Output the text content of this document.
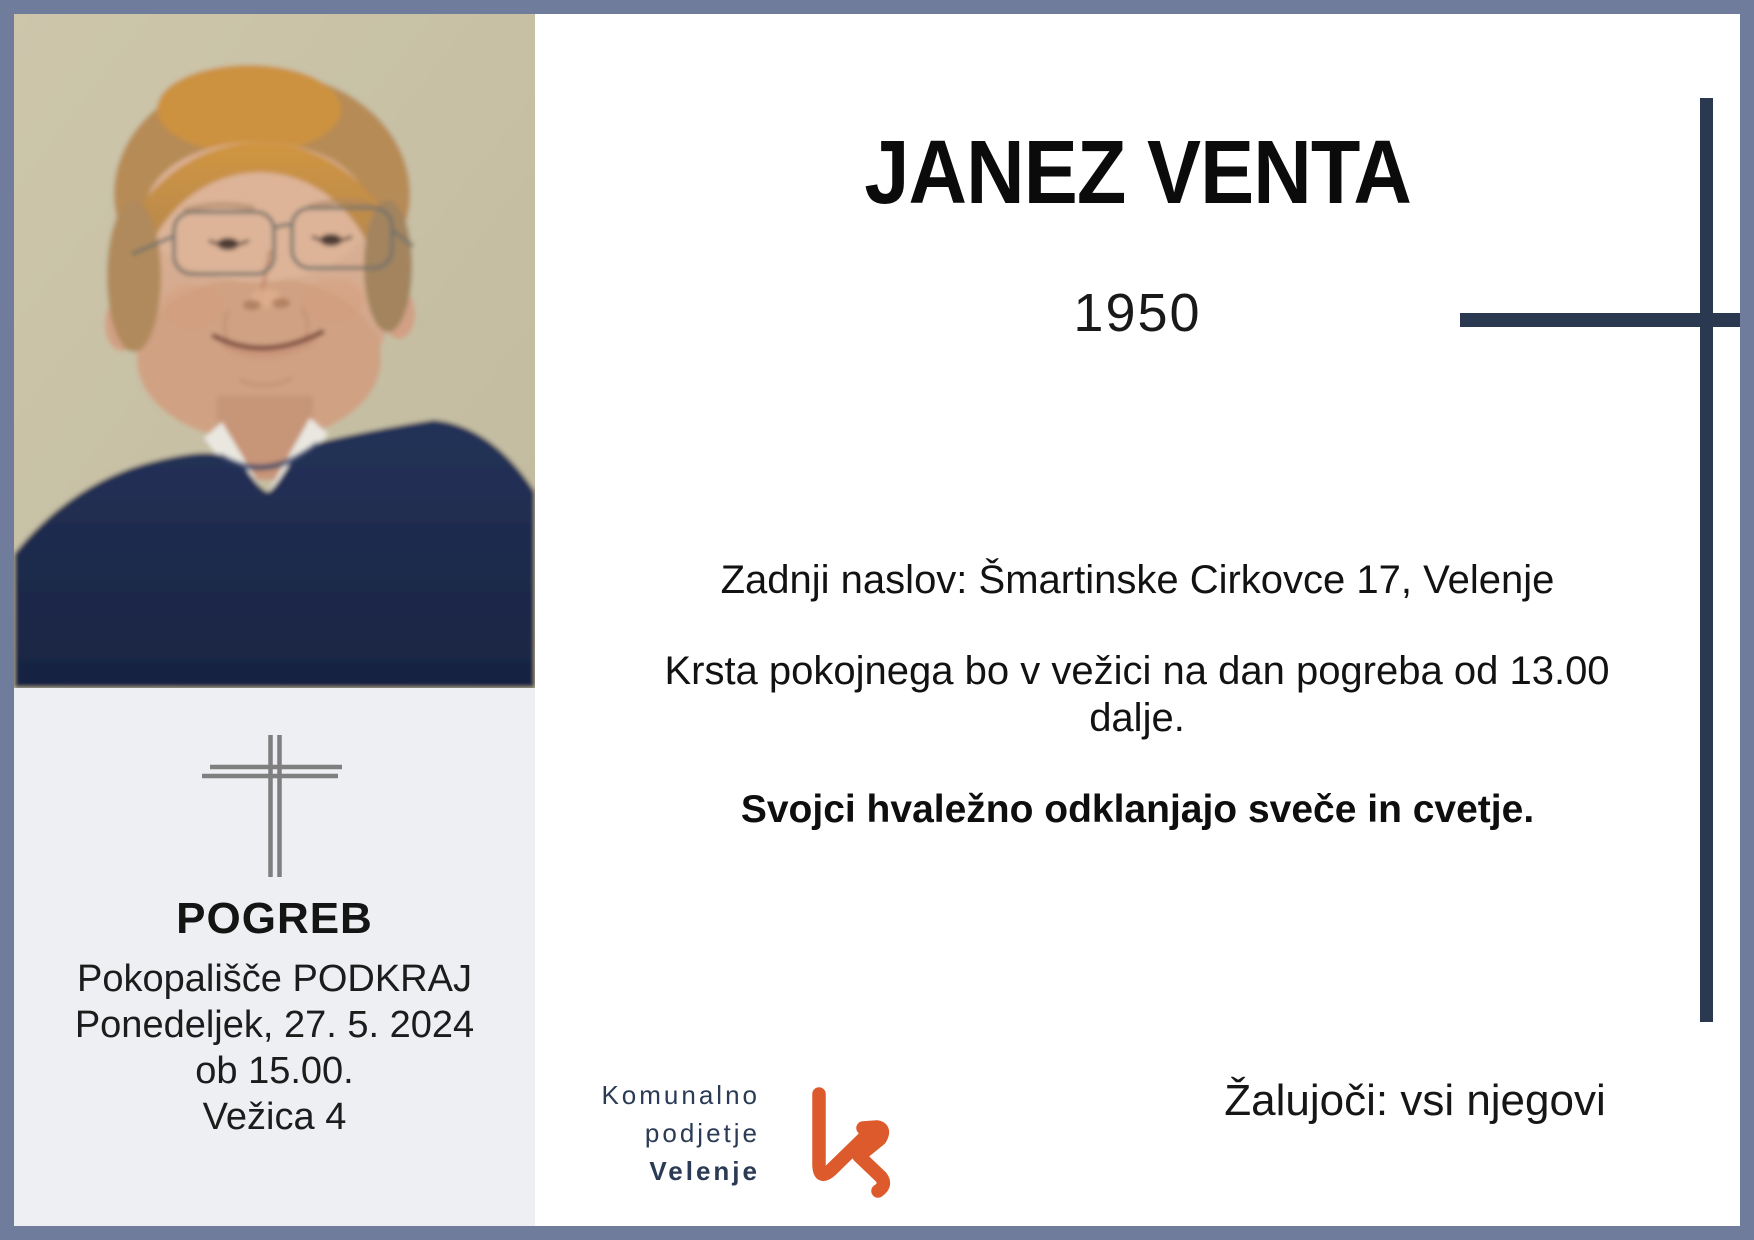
POGREB
Pokopališče PODKRAJ
Ponedeljek, 27. 5. 2024
ob 15.00.
Vežica 4
JANEZ VENTA
1950
Zadnji naslov: Šmartinske Cirkovce 17, Velenje
Krsta pokojnega bo v vežici na dan pogreba od 13.00 dalje.
Svojci hvaležno odklanjajo sveče in cvetje.
Komunalno
podjetje
Velenje
Žalujoči: vsi njegovi
